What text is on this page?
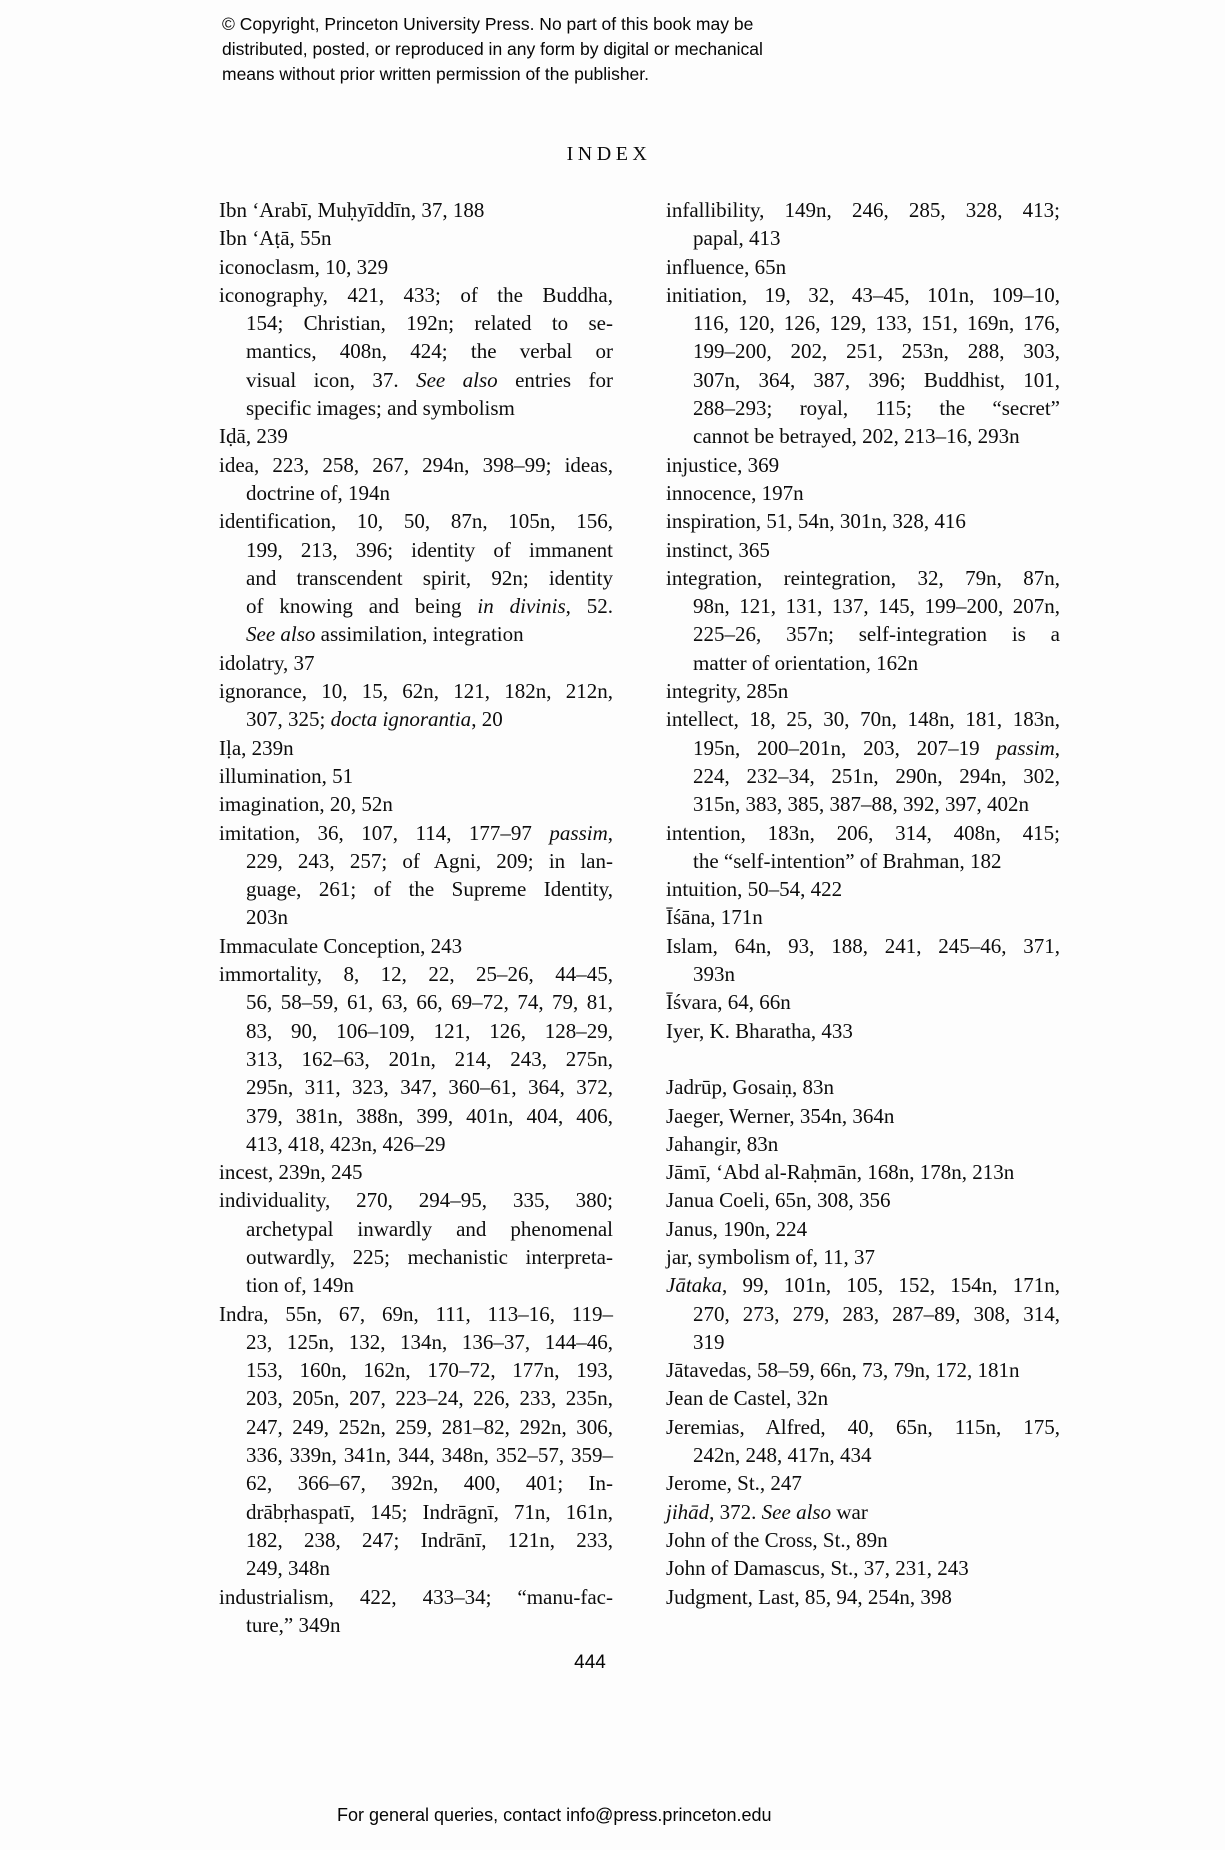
© Copyright, Princeton University Press. No part of this book may be
distributed, posted, or reproduced in any form by digital or mechanical
means without prior written permission of the publisher.
INDEX
Ibn ‘Arabī, Muḥyīddīn, 37, 188
Ibn ‘Aṭā, 55n
iconoclasm, 10, 329
iconography, 421, 433; of the Buddha,
154; Christian, 192n; related to se-
mantics, 408n, 424; the verbal or
visual icon, 37. See also entries for
specific images; and symbolism
Iḍā, 239
idea, 223, 258, 267, 294n, 398–99; ideas,
doctrine of, 194n
identification, 10, 50, 87n, 105n, 156,
199, 213, 396; identity of immanent
and transcendent spirit, 92n; identity
of knowing and being in divinis, 52.
See also assimilation, integration
idolatry, 37
ignorance, 10, 15, 62n, 121, 182n, 212n,
307, 325; docta ignorantia, 20
Iḷa, 239n
illumination, 51
imagination, 20, 52n
imitation, 36, 107, 114, 177–97 passim,
229, 243, 257; of Agni, 209; in lan-
guage, 261; of the Supreme Identity,
203n
Immaculate Conception, 243
immortality, 8, 12, 22, 25–26, 44–45,
56, 58–59, 61, 63, 66, 69–72, 74, 79, 81,
83, 90, 106–109, 121, 126, 128–29,
313, 162–63, 201n, 214, 243, 275n,
295n, 311, 323, 347, 360–61, 364, 372,
379, 381n, 388n, 399, 401n, 404, 406,
413, 418, 423n, 426–29
incest, 239n, 245
individuality, 270, 294–95, 335, 380;
archetypal inwardly and phenomenal
outwardly, 225; mechanistic interpreta-
tion of, 149n
Indra, 55n, 67, 69n, 111, 113–16, 119–
23, 125n, 132, 134n, 136–37, 144–46,
153, 160n, 162n, 170–72, 177n, 193,
203, 205n, 207, 223–24, 226, 233, 235n,
247, 249, 252n, 259, 281–82, 292n, 306,
336, 339n, 341n, 344, 348n, 352–57, 359–
62, 366–67, 392n, 400, 401; In-
drābṛhaspatī, 145; Indrāgnī, 71n, 161n,
182, 238, 247; Indrānī, 121n, 233,
249, 348n
industrialism, 422, 433–34; “manu-fac-
ture,” 349n
infallibility, 149n, 246, 285, 328, 413;
papal, 413
influence, 65n
initiation, 19, 32, 43–45, 101n, 109–10,
116, 120, 126, 129, 133, 151, 169n, 176,
199–200, 202, 251, 253n, 288, 303,
307n, 364, 387, 396; Buddhist, 101,
288–293; royal, 115; the “secret”
cannot be betrayed, 202, 213–16, 293n
injustice, 369
innocence, 197n
inspiration, 51, 54n, 301n, 328, 416
instinct, 365
integration, reintegration, 32, 79n, 87n,
98n, 121, 131, 137, 145, 199–200, 207n,
225–26, 357n; self-integration is a
matter of orientation, 162n
integrity, 285n
intellect, 18, 25, 30, 70n, 148n, 181, 183n,
195n, 200–201n, 203, 207–19 passim,
224, 232–34, 251n, 290n, 294n, 302,
315n, 383, 385, 387–88, 392, 397, 402n
intention, 183n, 206, 314, 408n, 415;
the “self-intention” of Brahman, 182
intuition, 50–54, 422
Īśāna, 171n
Islam, 64n, 93, 188, 241, 245–46, 371,
393n
Īśvara, 64, 66n
Iyer, K. Bharatha, 433

Jadrūp, Gosaiṇ, 83n
Jaeger, Werner, 354n, 364n
Jahangir, 83n
Jāmī, ‘Abd al-Raḥmān, 168n, 178n, 213n
Janua Coeli, 65n, 308, 356
Janus, 190n, 224
jar, symbolism of, 11, 37
Jātaka, 99, 101n, 105, 152, 154n, 171n,
270, 273, 279, 283, 287–89, 308, 314,
319
Jātavedas, 58–59, 66n, 73, 79n, 172, 181n
Jean de Castel, 32n
Jeremias, Alfred, 40, 65n, 115n, 175,
242n, 248, 417n, 434
Jerome, St., 247
jihād, 372. See also war
John of the Cross, St., 89n
John of Damascus, St., 37, 231, 243
Judgment, Last, 85, 94, 254n, 398
444
For general queries, contact info@press.princeton.edu
